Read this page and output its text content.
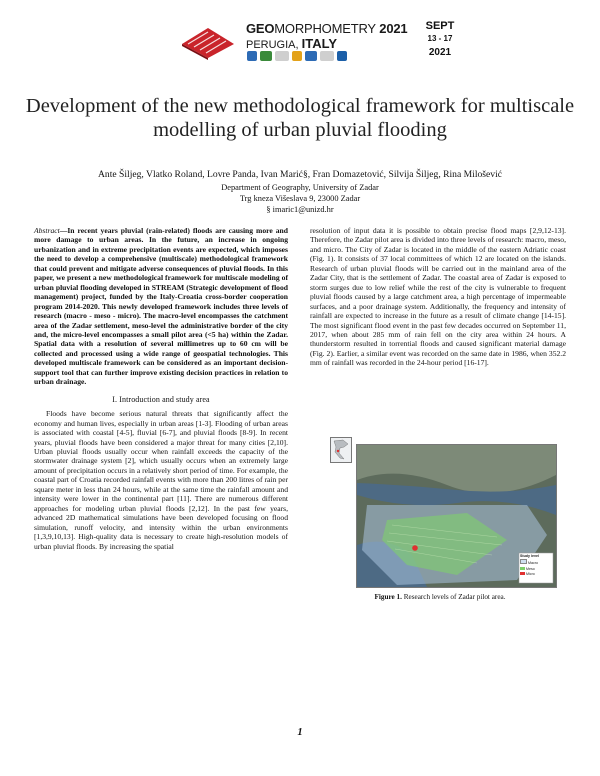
GEOMORPHOMETRY 2021
PERUGIA, ITALY
SEPT
13 - 17
2021
Development of the new methodological framework for multiscale modelling of urban pluvial flooding
Ante Šiljeg, Vlatko Roland, Lovre Panda, Ivan Marić§, Fran Domazetović, Silvija Šiljeg, Rina Milošević
Department of Geography, University of Zadar
Trg kneza Višeslava 9, 23000 Zadar
§ imaric1@unizd.hr

Abstract—In recent years pluvial (rain-related) floods are causing more and more damage to urban areas. In the future, an increase in ongoing urbanization and in extreme precipitation events are expected, which imposes the need to develop a comprehensive (multiscale) methodological framework that could prevent and mitigate adverse consequences of pluvial floods. In this paper, we present a new methodological framework for multiscale modeling of urban pluvial flooding developed in STREAM (Strategic development of flood management) project, funded by the Italy-Croatia cross-border cooperation program 2014-2020. This newly developed framework includes three levels of research (macro - meso - micro). The macro-level encompasses the catchment area of the Zadar settlement, meso-level the administrative border of the city and, the micro-level encompasses a small pilot area (<5 ha) within the Zadar. Spatial data with a resolution of several millimetres up to 60 cm will be collected and processed using a wide range of geospatial technologies. This developed multiscale framework can be considered as an important decision-support tool that can further improve existing decision practices in relation to urban drainage.

I. Introduction and study area

Floods have become serious natural threats that significantly affect the economy and human lives, especially in urban areas [1-3]. Flooding of urban areas is associated with coastal [4-5], fluvial [6-7], and pluvial floods [8-9]. In recent years, pluvial floods have been considered a major threat for many cities [2,10]. Urban pluvial floods usually occur when rainfall exceeds the capacity of the stormwater drainage system [2], which usually occurs when an extremely large amount of precipitation occurs in a relatively short period of time. For example, the coastal part of Croatia recorded rainfall events with more than 200 litres of rain per square meter in less than 24 hours, while at the same time the rainfall amount and intensity were lower in the continental part [11]. There are numerous different approaches for modeling urban pluvial floods [2,12]. In the past few years, advanced 2D mathematical simulations have been developed focusing on flood simulation, runoff velocity, and intensity within the urban environments [1,3,9,10,13]. High-quality data is necessary to create high-resolution models of urban pluvial floods. By increasing the spatial

resolution of input data it is possible to obtain precise flood maps [2,9,12-13]. Therefore, the Zadar pilot area is divided into three levels of research: macro, meso, and micro. The City of Zadar is located in the middle of the eastern Adriatic coast (Fig. 1). It consists of 37 local committees of which 12 are located on the islands. Research of urban pluvial floods will be carried out in the mainland area of the Zadar City, that is the settlement of Zadar. The coastal area of Zadar is exposed to storm surges due to low relief while the rest of the city is vulnerable to frequent pluvial floods caused by a large catchment area, a high percentage of impermeable surfaces, and a poor drainage system. Additionally, the frequency and intensity of rainfall are expected to increase in the future as a result of climate change [14-15]. The most significant flood event in the past few decades occurred on September 11, 2017, when about 285 mm of rain fell on the city area within 24 hours. A thunderstorm resulted in torrential floods and caused significant material damage (Fig. 2). Earlier, a similar event was recorded on the same date in 1986, when 352.2 mm of rainfall was recorded in the 24-hour period [16-17].

Study level
Macro
Meso
Micro
Figure 1. Research levels of Zadar pilot area.
1
